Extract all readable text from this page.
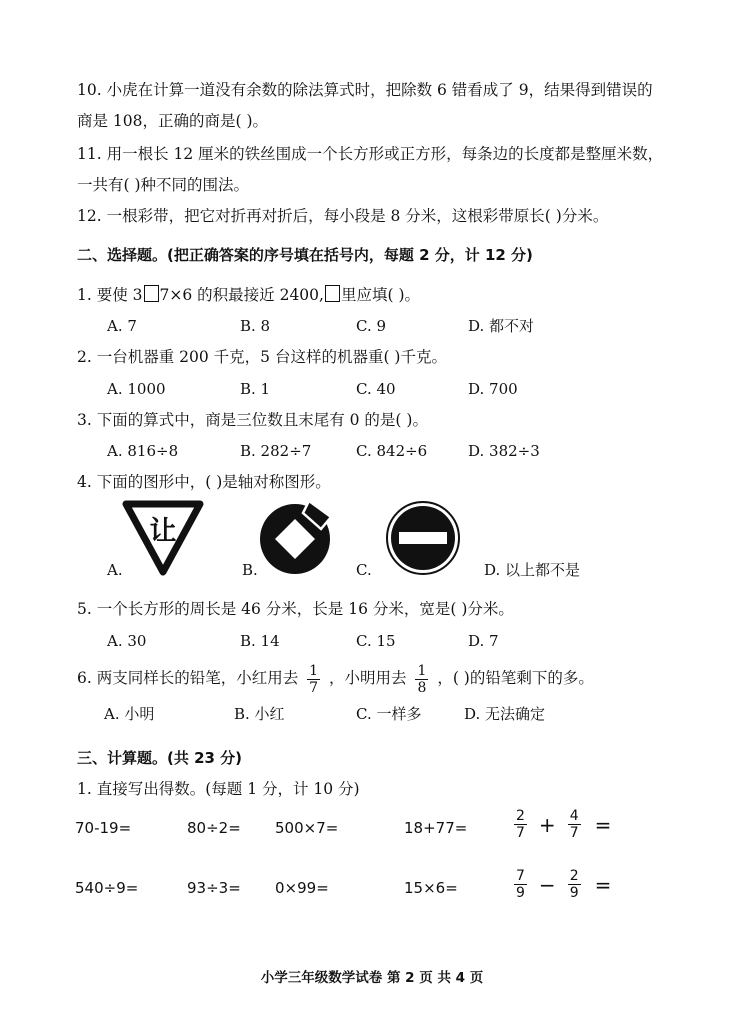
10. 小虎在计算一道没有余数的除法算式时，把除数 6 错看成了 9，结果得到错误的
商是 108，正确的商是( )。
11. 用一根长 12 厘米的铁丝围成一个长方形或正方形，每条边的长度都是整厘米数，
一共有( )种不同的围法。
12. 一根彩带，把它对折再对折后，每小段是 8 分米，这根彩带原长( )分米。
二、选择题。(把正确答案的序号填在括号内，每题 2 分，计 12 分)
1. 要使 3 7×6 的积最接近 2400, 里应填( )。
A. 7	B. 8	C. 9	D. 都不对
2. 一台机器重 200 千克，5 台这样的机器重( )千克。
A. 1000	B. 1	C. 40	D. 700
3. 下面的算式中，商是三位数且末尾有 0 的是( )。
A. 816÷8	B. 282÷7	C. 842÷6	D. 382÷3
4. 下面的图形中，( )是轴对称图形。
让
A.	B.	C.	D. 以上都不是
5. 一个长方形的周长是 46 分米，长是 16 分米，宽是( )分米。
A. 30	B. 14	C. 15	D. 7
6. 两支同样长的铅笔，小红用去 $\frac{1}{7}$ ，小明用去 $\frac{1}{8}$ ，( )的铅笔剩下的多。
A. 小明	B. 小红	C. 一样多	D. 无法确定
三、计算题。(共 23 分)
1. 直接写出得数。(每题 1 分，计 10 分)
70-19=	80÷2= 500×7=	18+77=	$\frac{2}{7} + \frac{4}{7}$ =
540÷9=	93÷3= 0×99=	15×6=	$\frac{7}{9} - \frac{2}{9}$ =
小学三年级数学试卷 第 2 页 共 4 页
